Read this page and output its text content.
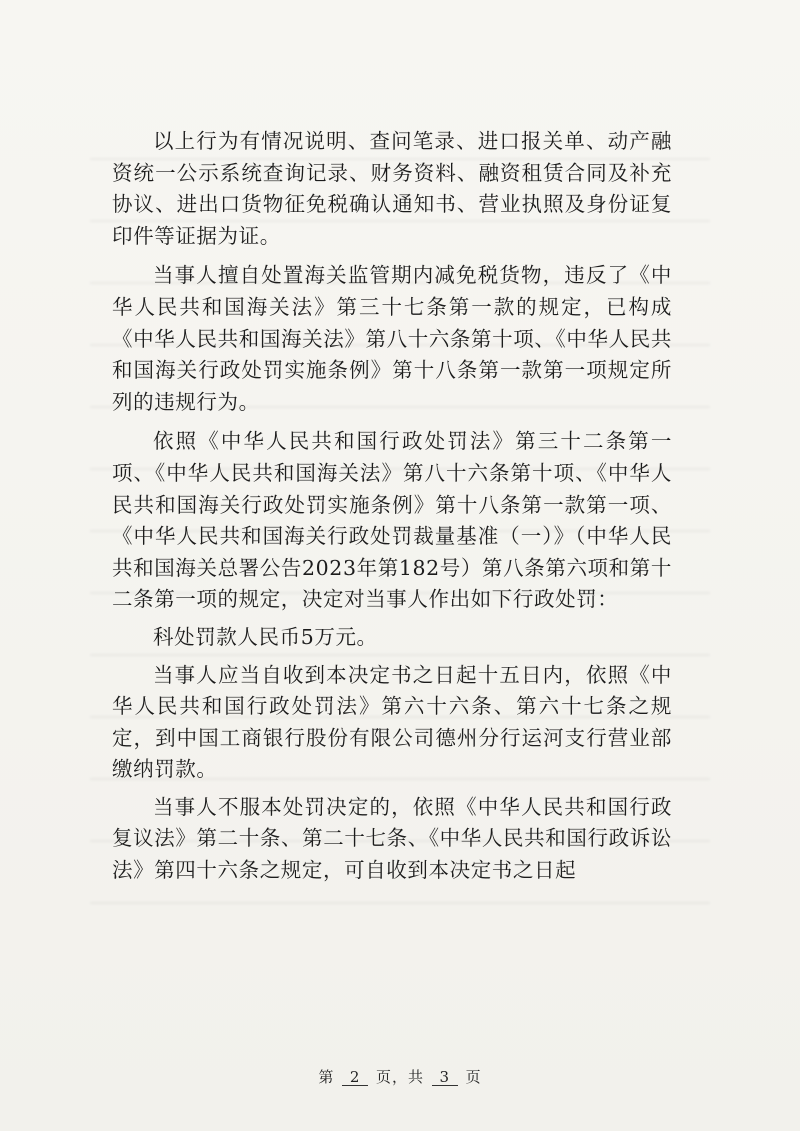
以上行为有情况说明、查问笔录、进口报关单、动产融资统一公示系统查询记录、财务资料、融资租赁合同及补充协议、进出口货物征免税确认通知书、营业执照及身份证复印件等证据为证。

当事人擅自处置海关监管期内减免税货物，违反了《中华人民共和国海关法》第三十七条第一款的规定，已构成《中华人民共和国海关法》第八十六条第十项、《中华人民共和国海关行政处罚实施条例》第十八条第一款第一项规定所列的违规行为。

依照《中华人民共和国行政处罚法》第三十二条第一项、《中华人民共和国海关法》第八十六条第十项、《中华人民共和国海关行政处罚实施条例》第十八条第一款第一项、《中华人民共和国海关行政处罚裁量基准（一）》（中华人民共和国海关总署公告2023年第182号）第八条第六项和第十二条第一项的规定，决定对当事人作出如下行政处罚：

科处罚款人民币5万元。

当事人应当自收到本决定书之日起十五日内，依照《中华人民共和国行政处罚法》第六十六条、第六十七条之规定，到中国工商银行股份有限公司德州分行运河支行营业部缴纳罚款。

当事人不服本处罚决定的，依照《中华人民共和国行政复议法》第二十条、第二十七条、《中华人民共和国行政诉讼法》第四十六条之规定，可自收到本决定书之日起

第 2 页，共 3 页
